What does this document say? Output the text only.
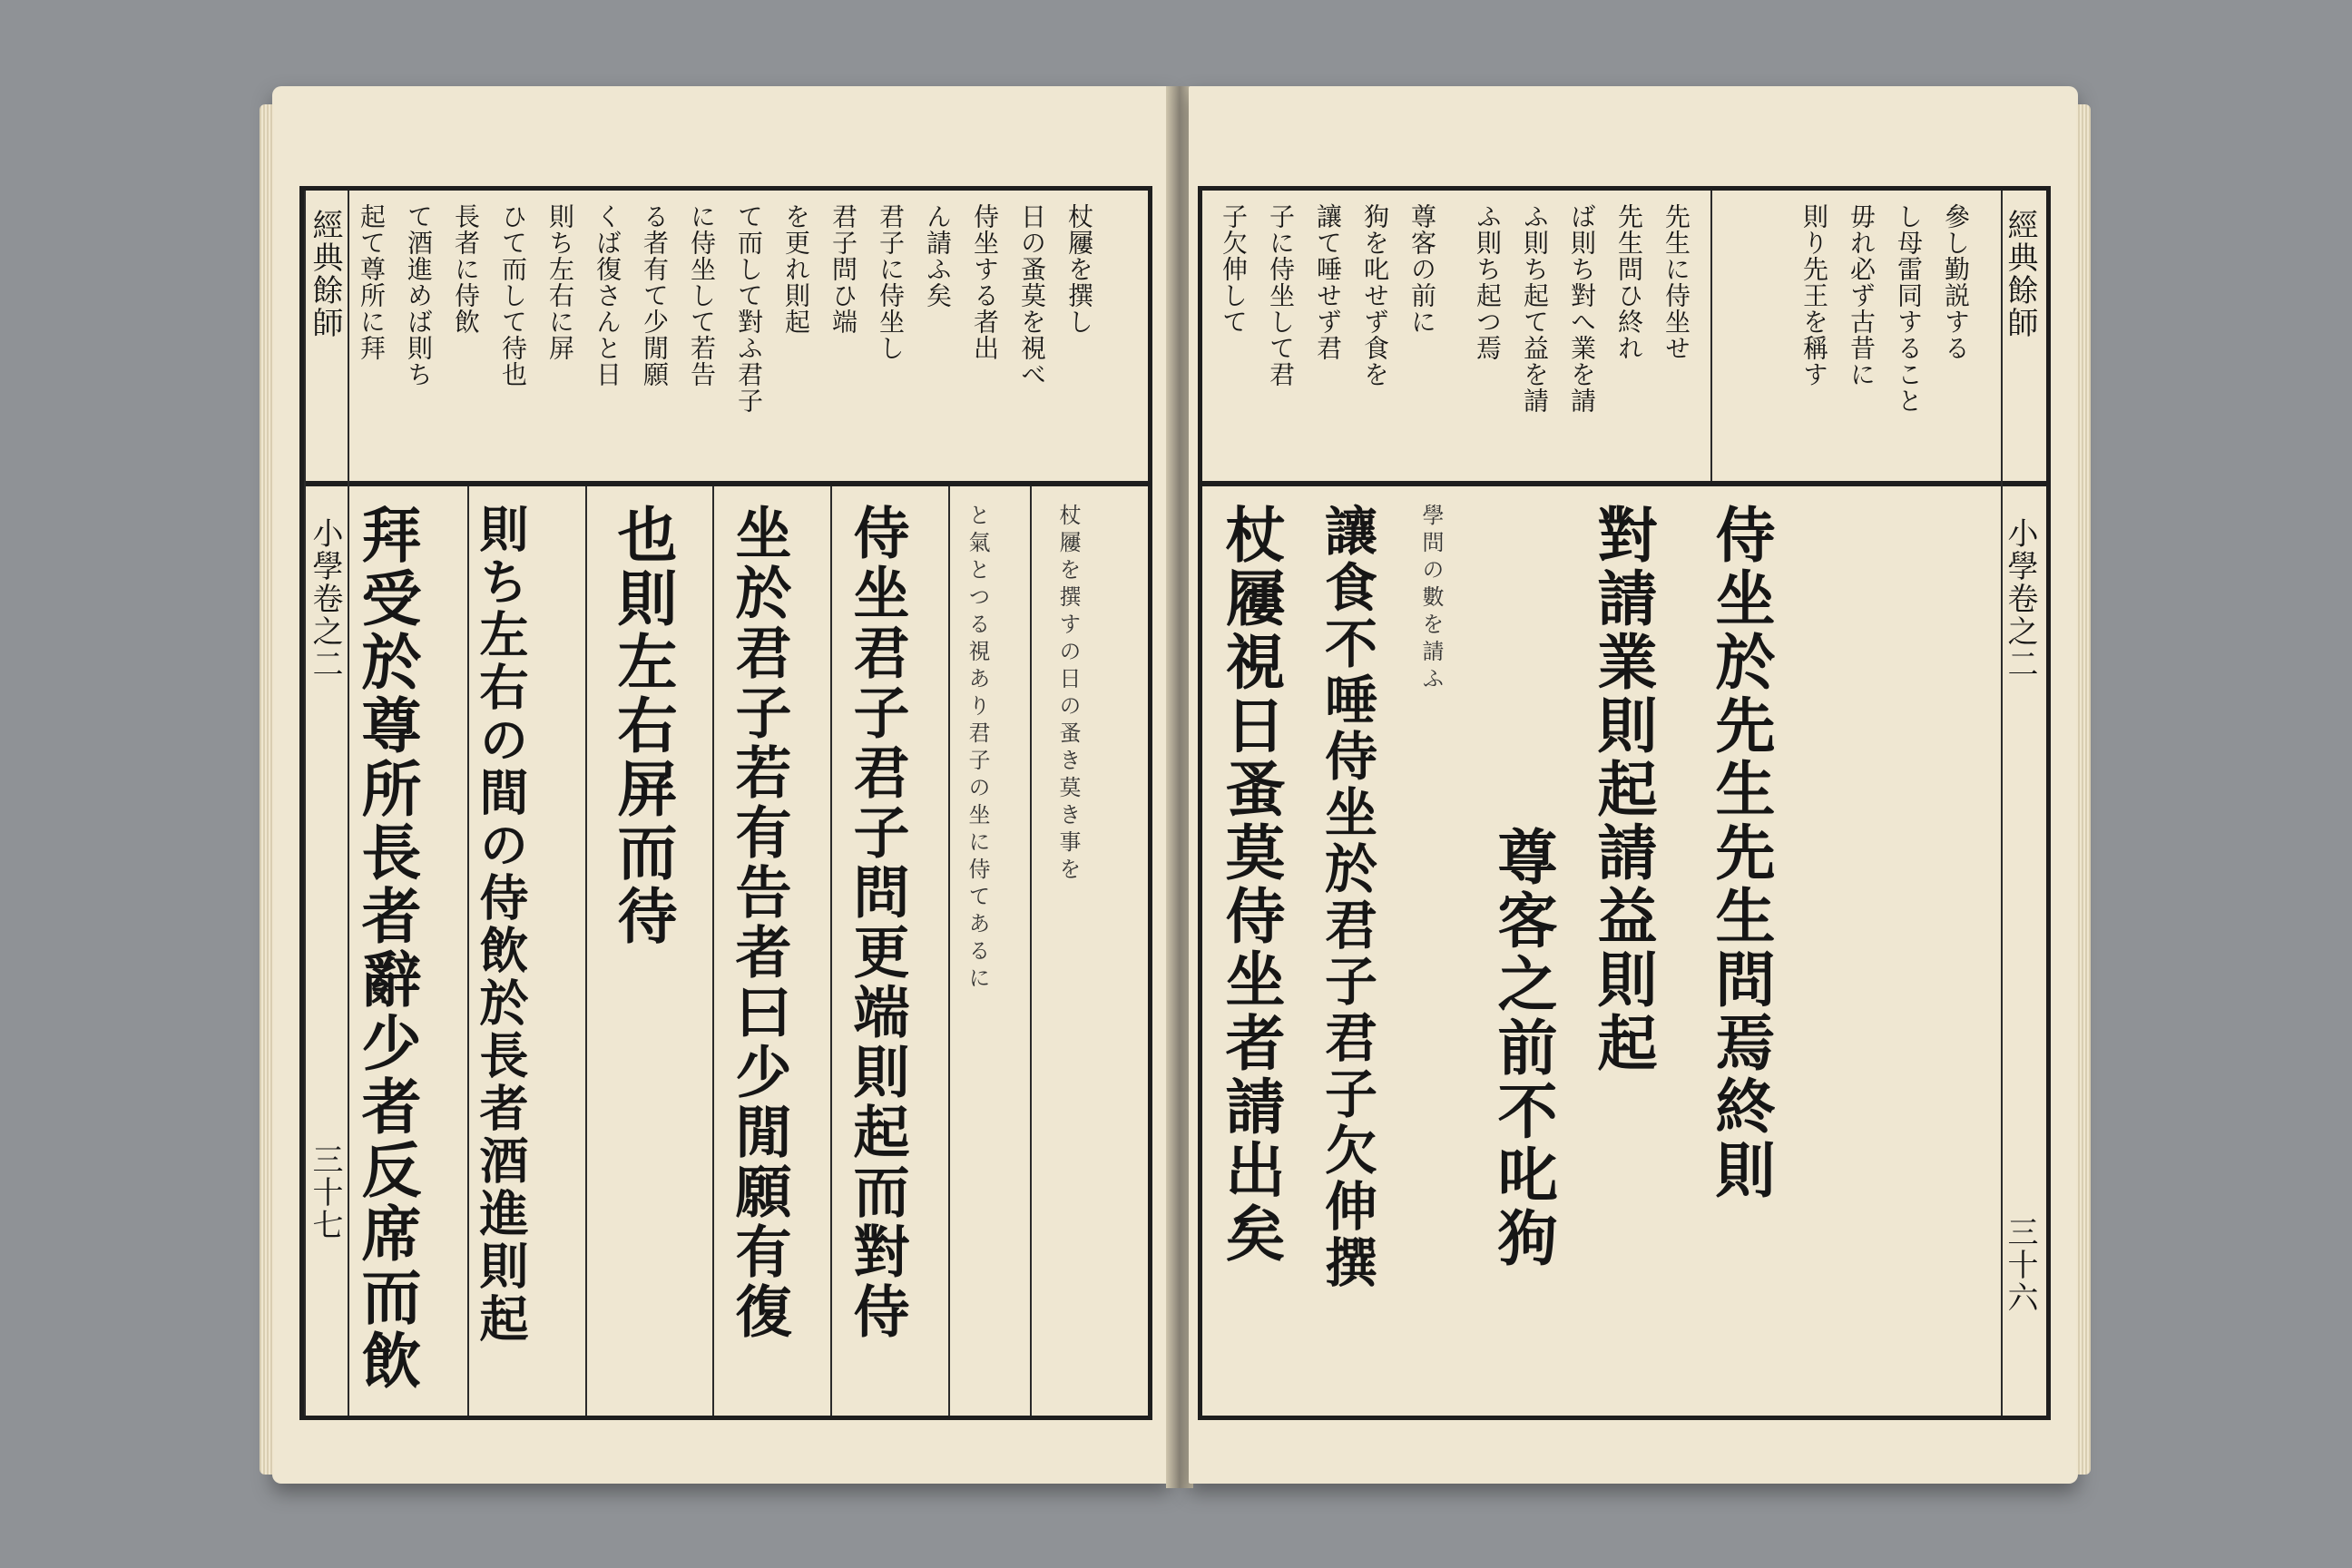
經典餘師
小學卷之二
三十七
起て尊所に拜 て酒進めば則ち 長者に侍飲 ひて而して待也 則ち左右に屏 くば復さんと日 る者有て少閒願 に侍坐して若告 て而して對ふ君子 を更れ則起 君子問ひ端 君子に侍坐し ん請ふ矣 侍坐する者出 日の蚤莫を視べ 杖屨を撰し
拜受於尊所長者辭少者反席而飲 則ち左右の間の侍飲於長者酒進則起 也則左右屏而待 坐於君子若有告者曰少閒願有復 侍坐君子君子問更端則起而對侍	と氣とつる視あり君子の坐に侍てあるに	杖屨を撰すの日の蚤き莫き事を
子欠伸して 子に侍坐して君 讓て唾せず君 狗を叱せず食を 尊客の前に ふ則ち起つ焉 ふ則ち起て益を請 ば則ち對へ業を請 先生問ひ終れ 先生に侍坐せ	則り先王を稱す 毋れ必ず古昔に し母雷同すること 參し勤説する
杖屨視日蚤莫侍坐者請出矣 讓食不唾侍坐於君子君子欠伸撰 學問の數を請ふ
尊客之前不叱狗 對請業則起請益則起 侍坐於先生先生問焉終則
經典餘師
小學卷之二
三十六
